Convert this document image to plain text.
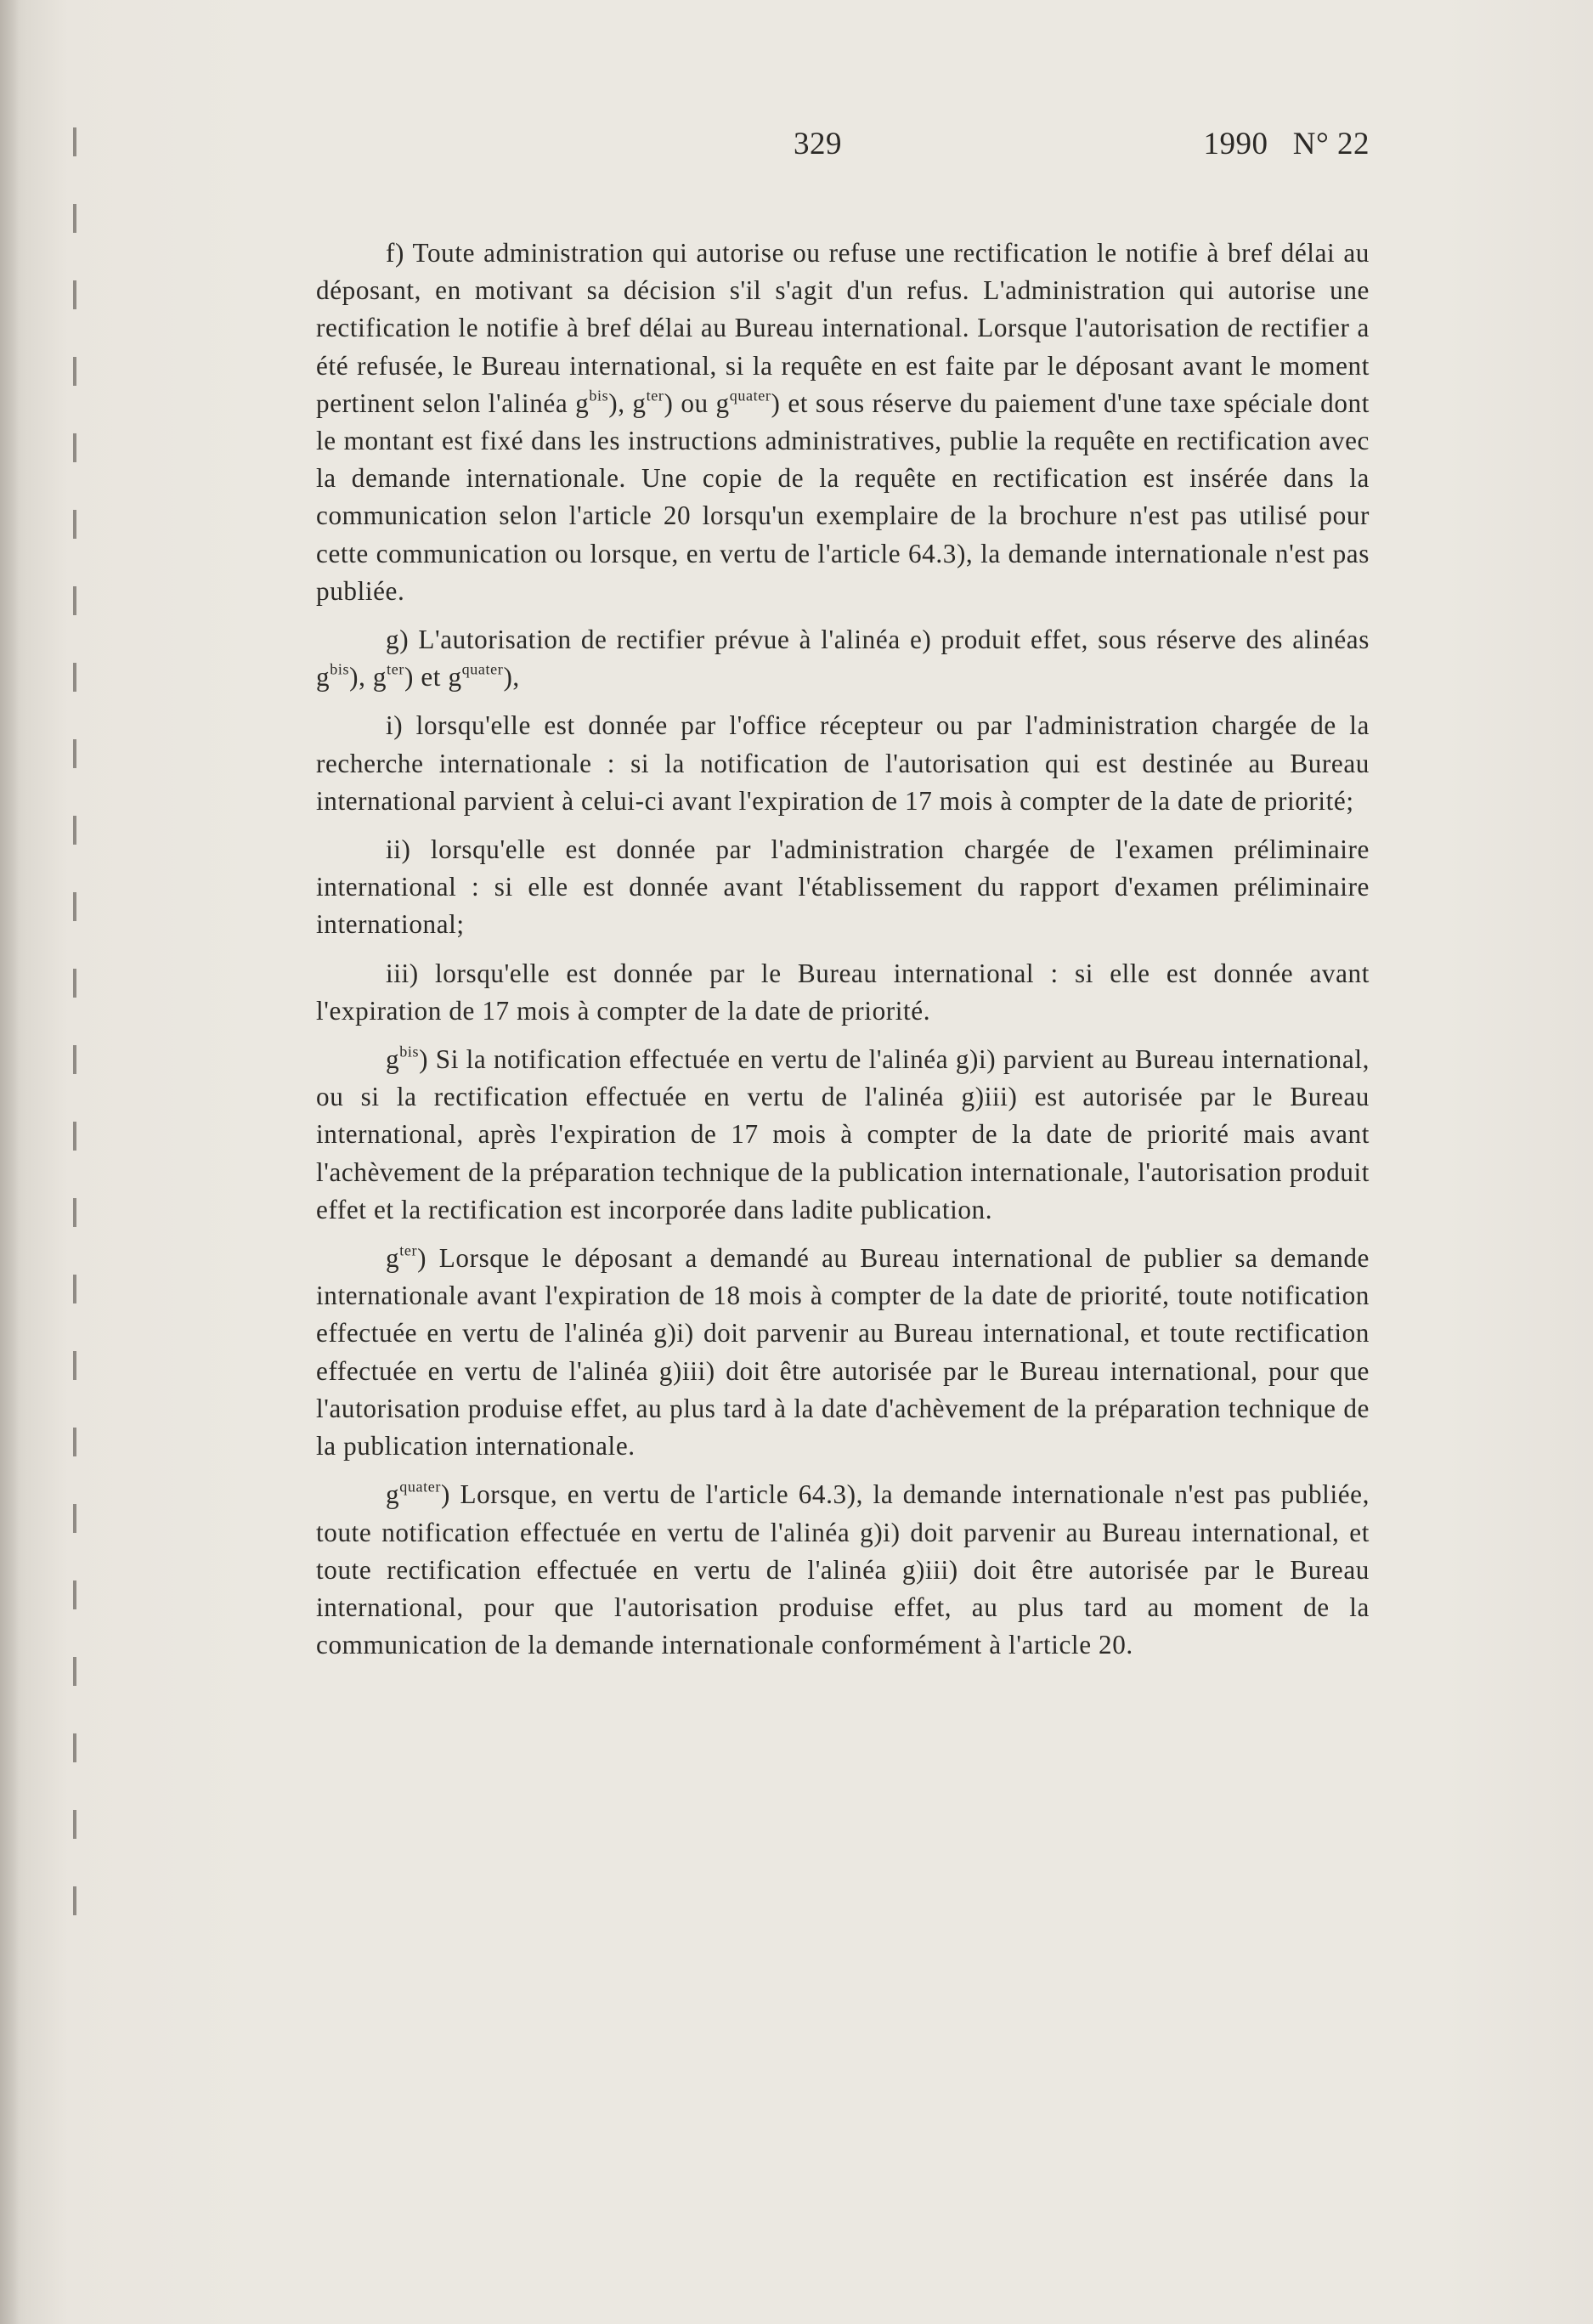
329	1990   N° 22

f) Toute administration qui autorise ou refuse une rectification le notifie à bref délai au déposant, en motivant sa décision s'il s'agit d'un refus. L'administration qui autorise une rectification le notifie à bref délai au Bureau international. Lorsque l'autorisation de rectifier a été refusée, le Bureau international, si la requête en est faite par le déposant avant le moment pertinent selon l'alinéa $g^{bis}$), $g^{ter}$) ou $g^{quater}$) et sous réserve du paiement d'une taxe spéciale dont le montant est fixé dans les instructions administratives, publie la requête en rectification avec la demande internationale. Une copie de la requête en rectification est insérée dans la communication selon l'article 20 lorsqu'un exemplaire de la brochure n'est pas utilisé pour cette communication ou lorsque, en vertu de l'article 64.3), la demande internationale n'est pas publiée.

g) L'autorisation de rectifier prévue à l'alinéa e) produit effet, sous réserve des alinéas $g^{bis}$), $g^{ter}$) et $g^{quater}$),

i) lorsqu'elle est donnée par l'office récepteur ou par l'administration chargée de la recherche internationale : si la notification de l'autorisation qui est destinée au Bureau international parvient à celui-ci avant l'expiration de 17 mois à compter de la date de priorité;

ii) lorsqu'elle est donnée par l'administration chargée de l'examen préliminaire international : si elle est donnée avant l'établissement du rapport d'examen préliminaire international;

iii) lorsqu'elle est donnée par le Bureau international : si elle est donnée avant l'expiration de 17 mois à compter de la date de priorité.

$g^{bis}$) Si la notification effectuée en vertu de l'alinéa g)i) parvient au Bureau international, ou si la rectification effectuée en vertu de l'alinéa g)iii) est autorisée par le Bureau international, après l'expiration de 17 mois à compter de la date de priorité mais avant l'achèvement de la préparation technique de la publication internationale, l'autorisation produit effet et la rectification est incorporée dans ladite publication.

$g^{ter}$) Lorsque le déposant a demandé au Bureau international de publier sa demande internationale avant l'expiration de 18 mois à compter de la date de priorité, toute notification effectuée en vertu de l'alinéa g)i) doit parvenir au Bureau international, et toute rectification effectuée en vertu de l'alinéa g)iii) doit être autorisée par le Bureau international, pour que l'autorisation produise effet, au plus tard à la date d'achèvement de la préparation technique de la publication internationale.

$g^{quater}$) Lorsque, en vertu de l'article 64.3), la demande internationale n'est pas publiée, toute notification effectuée en vertu de l'alinéa g)i) doit parvenir au Bureau international, et toute rectification effectuée en vertu de l'alinéa g)iii) doit être autorisée par le Bureau international, pour que l'autorisation produise effet, au plus tard au moment de la communication de la demande internationale conformément à l'article 20.
